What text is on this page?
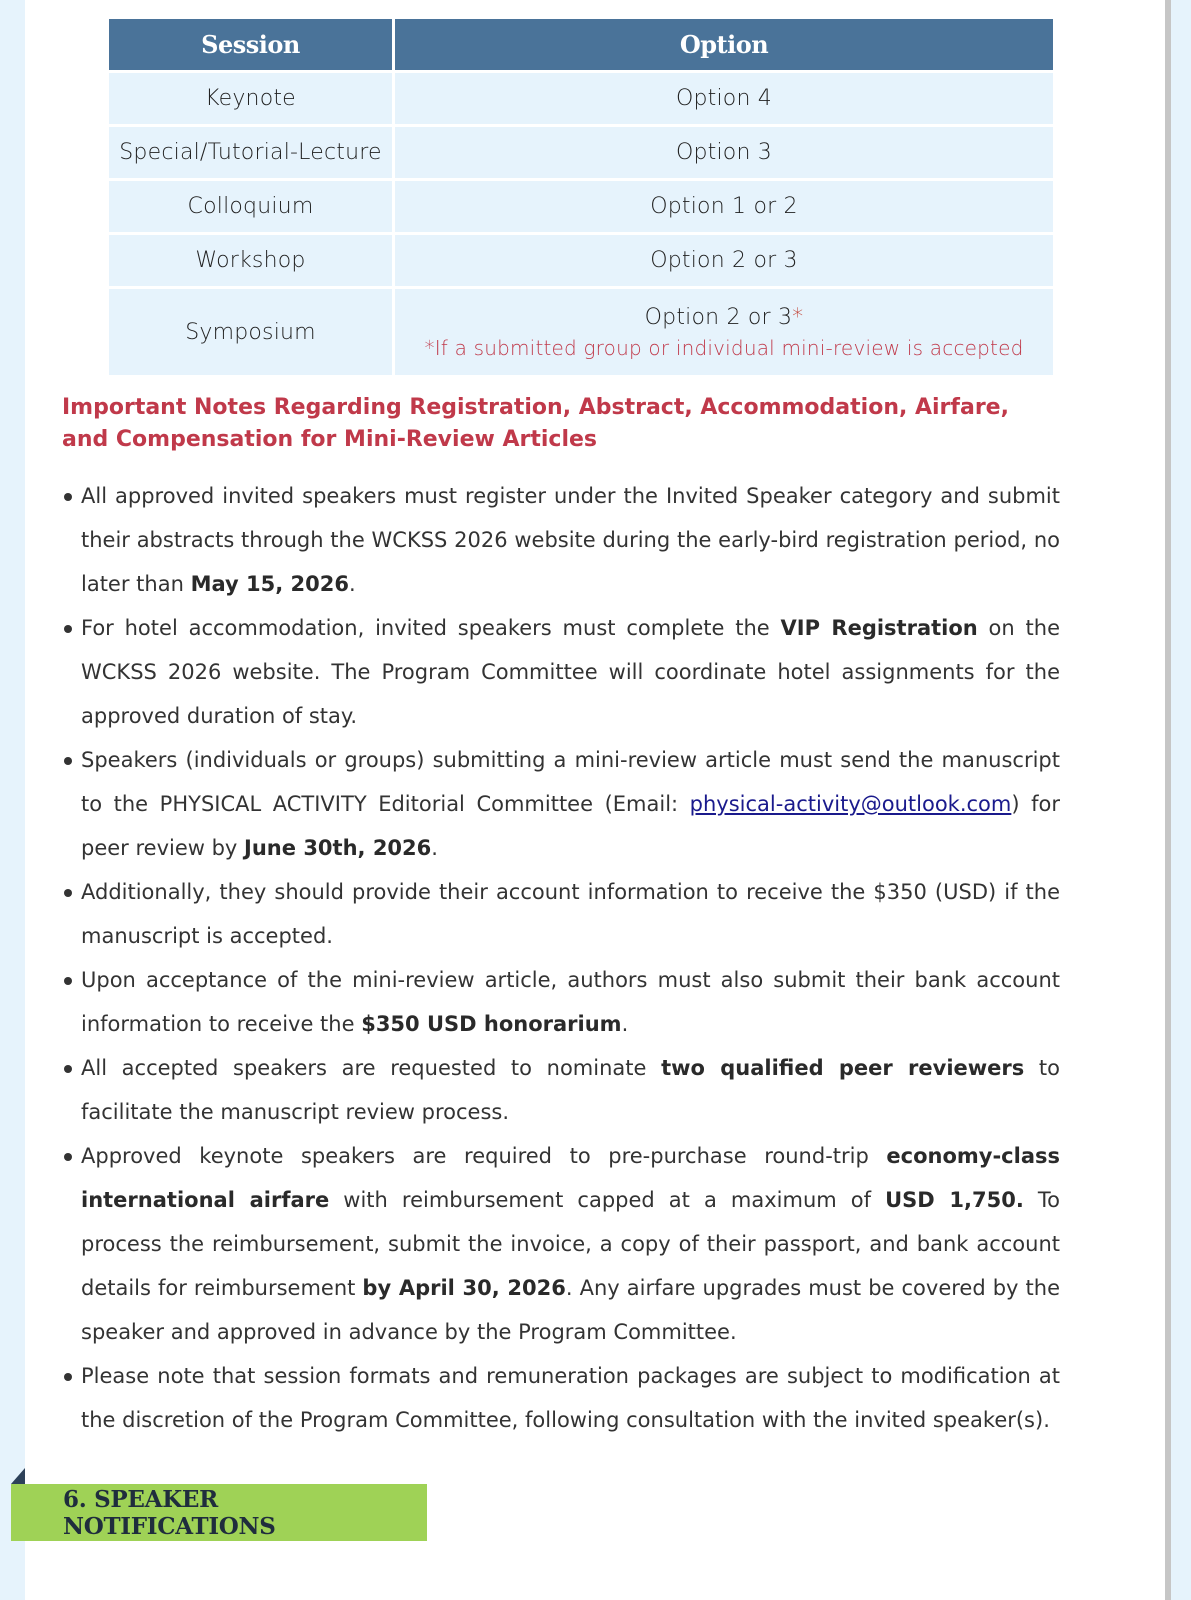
Session	Option
Keynote	Option 4
Special/Tutorial-Lecture	Option 3
Colloquium	Option 1 or 2
Workshop	Option 2 or 3
Symposium	Option 2 or 3*
*If a submitted group or individual mini-review is accepted
Important Notes Regarding Registration, Abstract, Accommodation, Airfare, and Compensation for Mini-Review Articles
All approved invited speakers must register under the Invited Speaker category and submit their abstracts through the WCKSS 2026 website during the early-bird registration period, no later than May 15, 2026.
For hotel accommodation, invited speakers must complete the VIP Registration on the WCKSS 2026 website. The Program Committee will coordinate hotel assignments for the approved duration of stay.
Speakers (individuals or groups) submitting a mini-review article must send the manuscript to the PHYSICAL ACTIVITY Editorial Committee (Email: physical-activity@outlook.com) for peer review by June 30th, 2026.
Additionally, they should provide their account information to receive the $350 (USD) if the manuscript is accepted.
Upon acceptance of the mini-review article, authors must also submit their bank account information to receive the $350 USD honorarium.
All accepted speakers are requested to nominate two qualified peer reviewers to facilitate the manuscript review process.
Approved keynote speakers are required to pre-purchase round-trip economy-class international airfare with reimbursement capped at a maximum of USD 1,750. To process the reimbursement, submit the invoice, a copy of their passport, and bank account details for reimbursement by April 30, 2026. Any airfare upgrades must be covered by the speaker and approved in advance by the Program Committee.
Please note that session formats and remuneration packages are subject to modification at the discretion of the Program Committee, following consultation with the invited speaker(s).
6. SPEAKER NOTIFICATIONS
